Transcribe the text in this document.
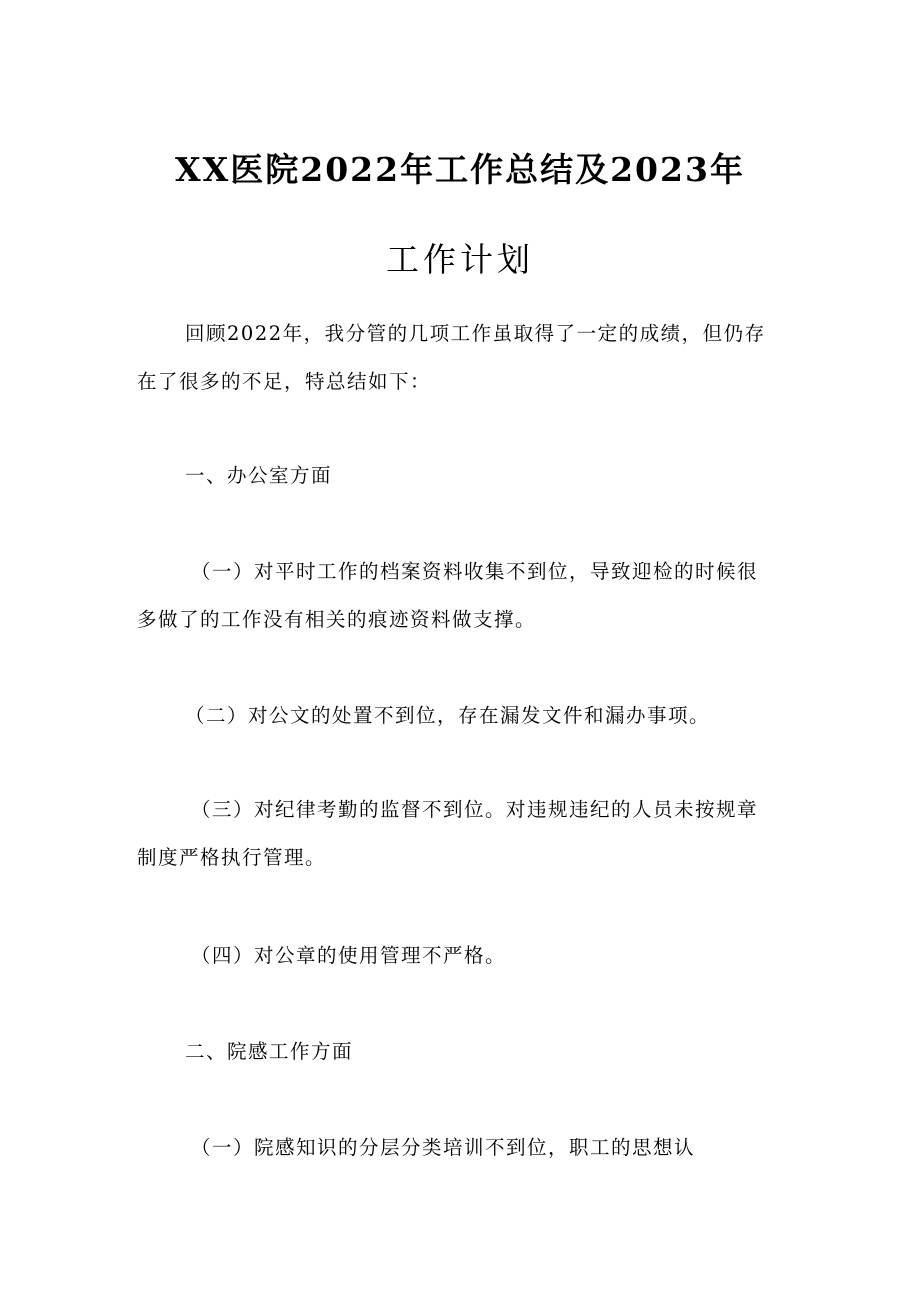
XX医院2022年工作总结及2023年
工作计划

回顾2022年，我分管的几项工作虽取得了一定的成绩，但仍存
在了很多的不足，特总结如下：

一、办公室方面

（一）对平时工作的档案资料收集不到位，导致迎检的时候很
多做了的工作没有相关的痕迹资料做支撑。

（二）对公文的处置不到位，存在漏发文件和漏办事项。

（三）对纪律考勤的监督不到位。对违规违纪的人员未按规章
制度严格执行管理。

（四）对公章的使用管理不严格。

二、院感工作方面

（一）院感知识的分层分类培训不到位，职工的思想认
